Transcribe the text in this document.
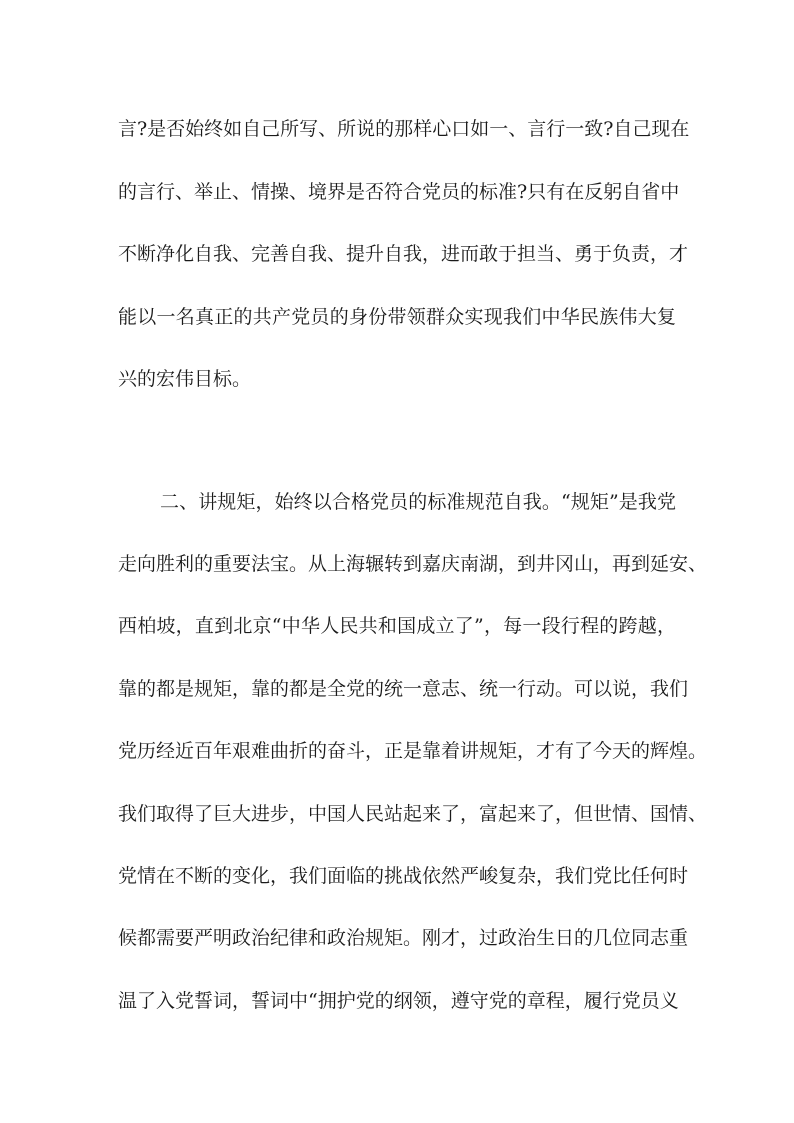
言?是否始终如自己所写、所说的那样心口如一、言行一致?自己现在
的言行、举止、情操、境界是否符合党员的标准?只有在反躬自省中
不断净化自我、完善自我、提升自我，进而敢于担当、勇于负责，才
能以一名真正的共产党员的身份带领群众实现我们中华民族伟大复
兴的宏伟目标。
二、讲规矩，始终以合格党员的标准规范自我。“规矩”是我党
走向胜利的重要法宝。从上海辗转到嘉庆南湖，到井冈山，再到延安、
西柏坡，直到北京“中华人民共和国成立了”，每一段行程的跨越，
靠的都是规矩，靠的都是全党的统一意志、统一行动。可以说，我们
党历经近百年艰难曲折的奋斗，正是靠着讲规矩，才有了今天的辉煌。
我们取得了巨大进步，中国人民站起来了，富起来了，但世情、国情、
党情在不断的变化，我们面临的挑战依然严峻复杂，我们党比任何时
候都需要严明政治纪律和政治规矩。刚才，过政治生日的几位同志重
温了入党誓词，誓词中“拥护党的纲领，遵守党的章程，履行党员义
